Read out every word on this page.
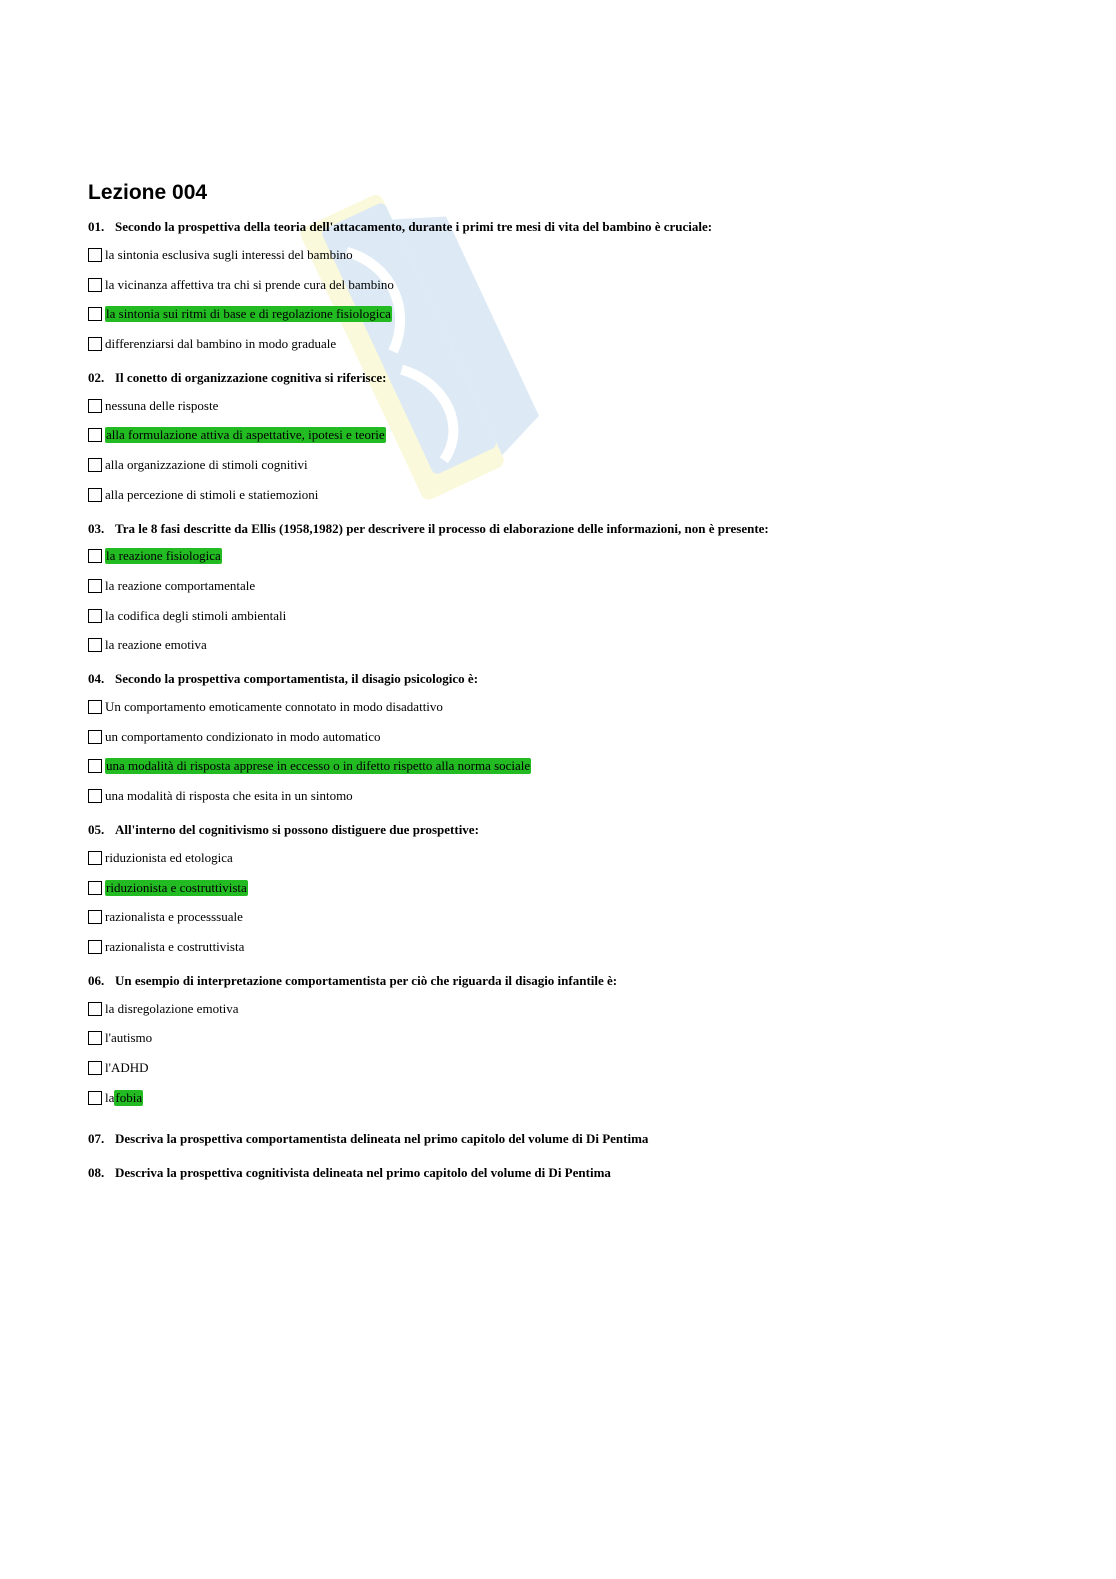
Lezione 004
01. Secondo la prospettiva della teoria dell'attacamento, durante i primi tre mesi di vita del bambino è cruciale:
la sintonia esclusiva sugli interessi del bambino
la vicinanza affettiva tra chi si prende cura del bambino
la sintonia sui ritmi di base e di regolazione fisiologica
differenziarsi dal bambino in modo graduale
02. Il conetto di organizzazione cognitiva si riferisce:
nessuna delle risposte
alla formulazione attiva di aspettative, ipotesi e teorie
alla organizzazione di stimoli cognitivi
alla percezione di stimoli e statiemozioni
03. Tra le 8 fasi descritte da Ellis (1958,1982) per descrivere il processo di elaborazione delle informazioni, non è presente:
la reazione fisiologica
la reazione comportamentale
la codifica degli stimoli ambientali
la reazione emotiva
04. Secondo la prospettiva comportamentista, il disagio psicologico è:
Un comportamento emoticamente connotato in modo disadattivo
un comportamento condizionato in modo automatico
una modalità di risposta apprese in eccesso o in difetto rispetto alla norma sociale
una modalità di risposta che esita in un sintomo
05. All'interno del cognitivismo si possono distiguere due prospettive:
riduzionista ed etologica
riduzionista e costruttivista
razionalista e processsuale
razionalista e costruttivista
06. Un esempio di interpretazione comportamentista per ciò che riguarda il disagio infantile è:
la disregolazione emotiva
l'autismo
l'ADHD
la fobia
07. Descriva la prospettiva comportamentista delineata nel primo capitolo del volume di Di Pentima
08. Descriva la prospettiva cognitivista delineata nel primo capitolo del volume di Di Pentima
